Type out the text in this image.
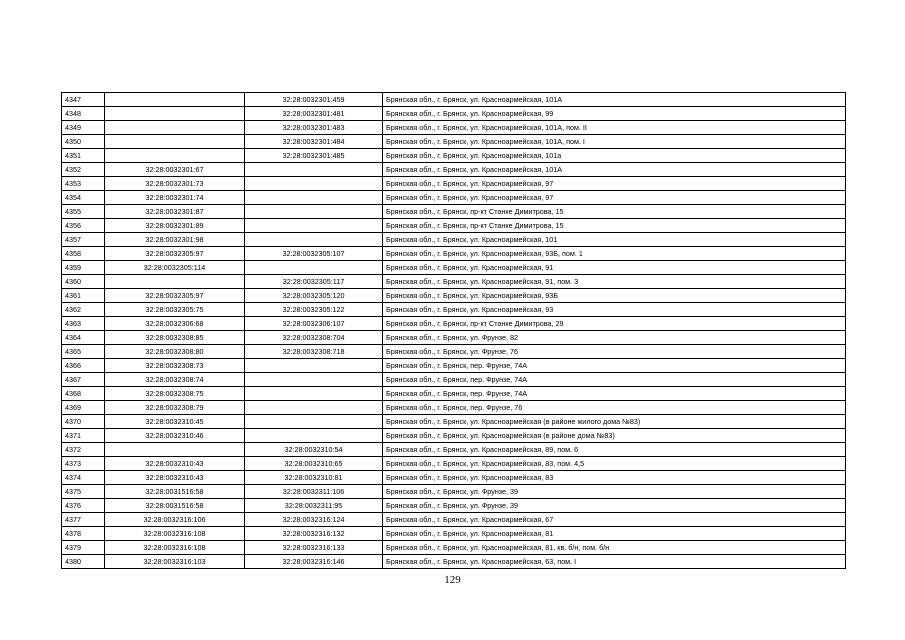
4347		32:28:0032301:459	Брянская обл., г. Брянск, ул. Красноармейская, 101А
4348		32:28:0032301:481	Брянская обл., г. Брянск, ул. Красноармейская, 99
4349		32:28:0032301:483	Брянская обл., г. Брянск, ул. Красноармейская, 101А, пом. II
4350		32:28:0032301:484	Брянская обл., г. Брянск, ул. Красноармейская, 101А, пом. I
4351		32:28:0032301:485	Брянская обл., г. Брянск, ул. Красноармейская, 101а
4352	32:28:0032301:67		Брянская обл., г. Брянск, ул. Красноармейская, 101А
4353	32:28:0032301:73		Брянская обл., г. Брянск, ул. Красноармейская, 97
4354	32:28:0032301:74		Брянская обл., г. Брянск, ул. Красноармейская, 97
4355	32:28:0032301:87		Брянская обл., г. Брянск, пр-кт Станке Димитрова, 15
4356	32:28:0032301:89		Брянская обл., г. Брянск, пр-кт Станке Димитрова, 15
4357	32:28:0032301:98		Брянская обл., г. Брянск, ул. Красноармейская, 101
4358	32:28:0032305:97	32:28:0032305:107	Брянская обл., г. Брянск, ул. Красноармейская, 93Б, пом. 1
4359	32:28:0032305:114		Брянская обл., г. Брянск, ул. Красноармейская, 91
4360		32:28:0032305:117	Брянская обл., г. Брянск, ул. Красноармейская, 91, пом. 3
4361	32:28:0032305:97	32:28:0032305:120	Брянская обл., г. Брянск, ул. Красноармейская, 93Б
4362	32:28:0032305:75	32:28:0032305:122	Брянская обл., г. Брянск, ул. Красноармейская, 93
4363	32:28:0032306:68	32:28:0032306:107	Брянская обл., г. Брянск, пр-кт Станке Димитрова, 29
4364	32:28:0032308:85	32:28:0032308:704	Брянская обл., г. Брянск, ул. Фрунзе, 82
4365	32:28:0032308:80	32:28:0032308:718	Брянская обл., г. Брянск, ул. Фрунзе, 76
4366	32:28:0032308:73		Брянская обл., г. Брянск, пер. Фрунзе, 74А
4367	32:28:0032308:74		Брянская обл., г. Брянск, пер. Фрунзе, 74А
4368	32:28:0032308:75		Брянская обл., г. Брянск, пер. Фрунзе, 74А
4369	32:28:0032308:79		Брянская обл., г. Брянск, пер. Фрунзе, 76
4370	32:28:0032310:45		Брянская обл., г. Брянск, ул. Красноармейская (в районе жилого дома №83)
4371	32:28:0032310:46		Брянская обл., г. Брянск, ул. Красноармейская (в районе дома №83)
4372		32:28:0032310:54	Брянская обл., г. Брянск, ул. Красноармейская, 89, пом. 6
4373	32:28:0032310:43	32:28:0032310:65	Брянская обл., г. Брянск, ул. Красноармейская, 83, пом. 4,5
4374	32:28:0032310:43	32:28:0032310:81	Брянская обл., г. Брянск, ул. Красноармейская, 83
4375	32:28:0031516:58	32:28:0032311:106	Брянская обл., г. Брянск, ул. Фрунзе, 39
4376	32:28:0031516:58	32:28:0032311:95	Брянская обл., г. Брянск, ул. Фрунзе, 39
4377	32:28:0032316:106	32:28:0032316:124	Брянская обл., г. Брянск, ул. Красноармейская, 67
4378	32:28:0032316:108	32:28:0032316:132	Брянская обл., г. Брянск, ул. Красноармейская, 81
4379	32:28:0032316:108	32:28:0032316:133	Брянская обл., г. Брянск, ул. Красноармейская, 81, кв. б/н, пом. б/н
4380	32:28:0032316:103	32:28:0032316:146	Брянская обл., г. Брянск, ул. Красноармейская, 63, пом. I
129
